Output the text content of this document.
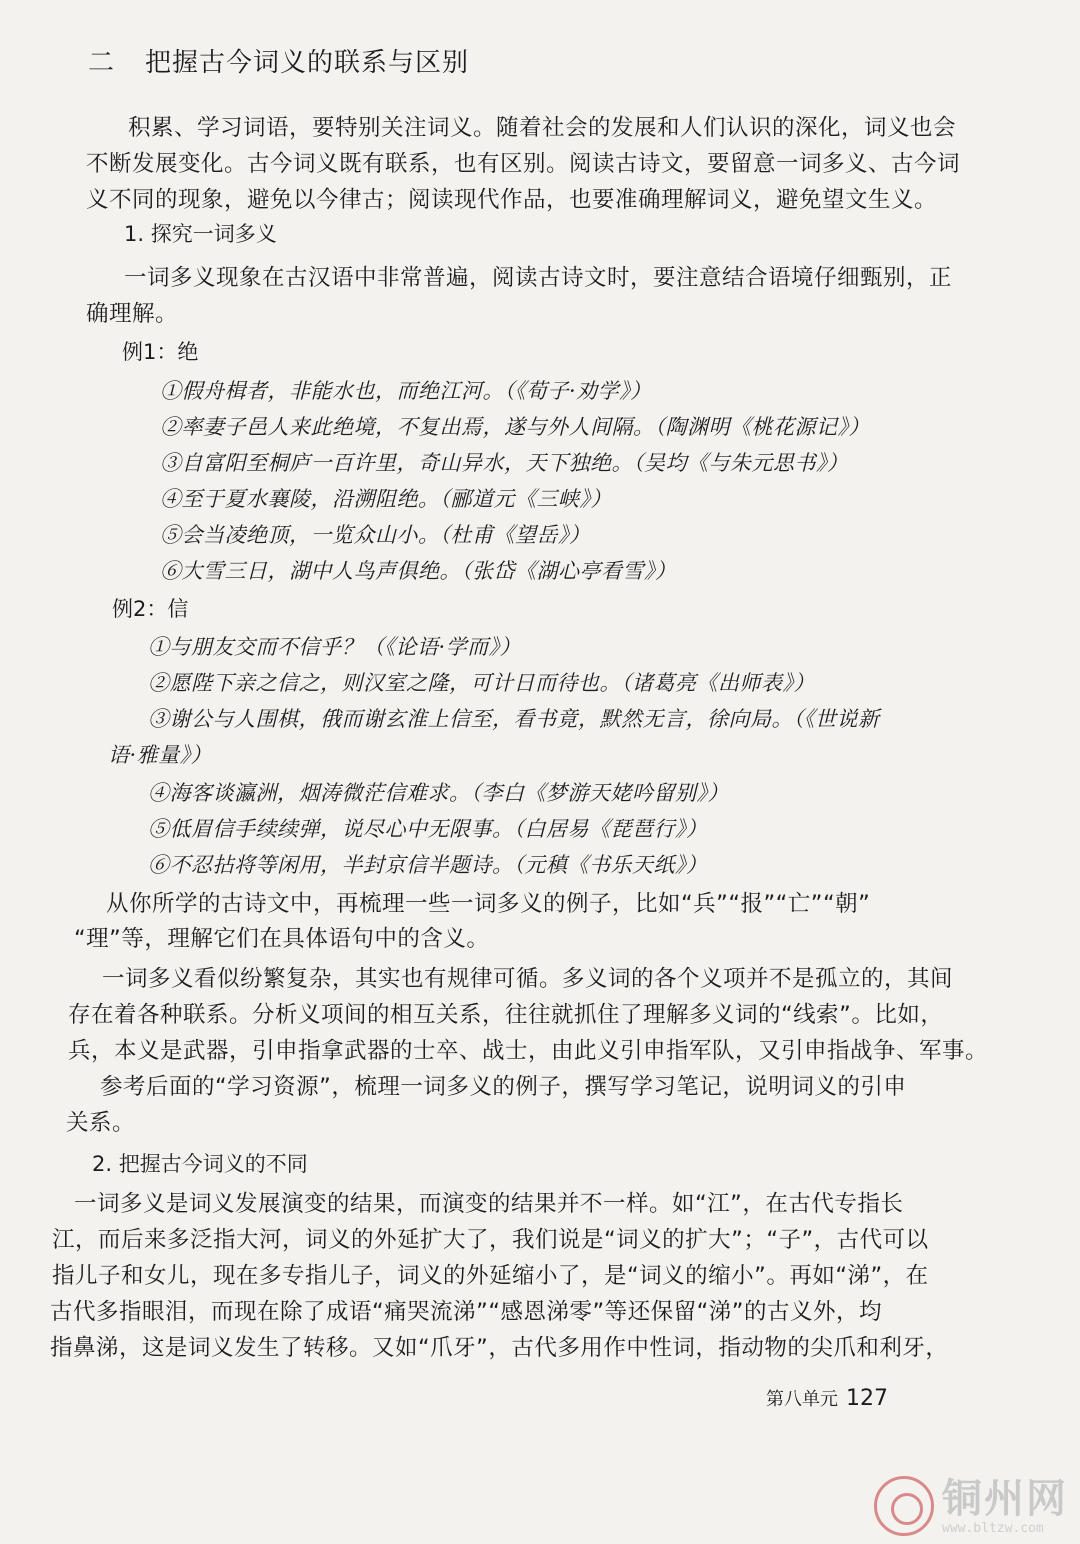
二 把握古今词义的联系与区别
积累、学习词语，要特别关注词义。随着社会的发展和人们认识的深化，词义也会
不断发展变化。古今词义既有联系，也有区别。阅读古诗文，要留意一词多义、古今词
义不同的现象，避免以今律古；阅读现代作品，也要准确理解词义，避免望文生义。
1. 探究一词多义
一词多义现象在古汉语中非常普遍，阅读古诗文时，要注意结合语境仔细甄别，正
确理解。
例1：绝
①假舟楫者，非能水也，而绝江河。（《荀子·劝学》）
②率妻子邑人来此绝境，不复出焉，遂与外人间隔。（陶渊明《桃花源记》）
③自富阳至桐庐一百许里，奇山异水，天下独绝。（吴均《与朱元思书》）
④至于夏水襄陵，沿溯阻绝。（郦道元《三峡》）
⑤会当凌绝顶，一览众山小。（杜甫《望岳》）
⑥大雪三日，湖中人鸟声俱绝。（张岱《湖心亭看雪》）
例2：信
①与朋友交而不信乎？（《论语·学而》）
②愿陛下亲之信之，则汉室之隆，可计日而待也。（诸葛亮《出师表》）
③谢公与人围棋，俄而谢玄淮上信至，看书竟，默然无言，徐向局。（《世说新
语·雅量》）
④海客谈瀛洲，烟涛微茫信难求。（李白《梦游天姥吟留别》）
⑤低眉信手续续弹，说尽心中无限事。（白居易《琵琶行》）
⑥不忍拈将等闲用，半封京信半题诗。（元稹《书乐天纸》）
从你所学的古诗文中，再梳理一些一词多义的例子，比如“兵”“报”“亡”“朝”
“理”等，理解它们在具体语句中的含义。
一词多义看似纷繁复杂，其实也有规律可循。多义词的各个义项并不是孤立的，其间
存在着各种联系。分析义项间的相互关系，往往就抓住了理解多义词的“线索”。比如，
兵，本义是武器，引申指拿武器的士卒、战士，由此义引申指军队，又引申指战争、军事。
参考后面的“学习资源”，梳理一词多义的例子，撰写学习笔记，说明词义的引申
关系。
2. 把握古今词义的不同
一词多义是词义发展演变的结果，而演变的结果并不一样。如“江”，在古代专指长
江，而后来多泛指大河，词义的外延扩大了，我们说是“词义的扩大”；“子”，古代可以
指儿子和女儿，现在多专指儿子，词义的外延缩小了，是“词义的缩小”。再如“涕”，在
古代多指眼泪，而现在除了成语“痛哭流涕”“感恩涕零”等还保留“涕”的古义外，均
指鼻涕，这是词义发生了转移。又如“爪牙”，古代多用作中性词，指动物的尖爪和利牙，
第八单元 127
铜州网
www.bltzw.com
